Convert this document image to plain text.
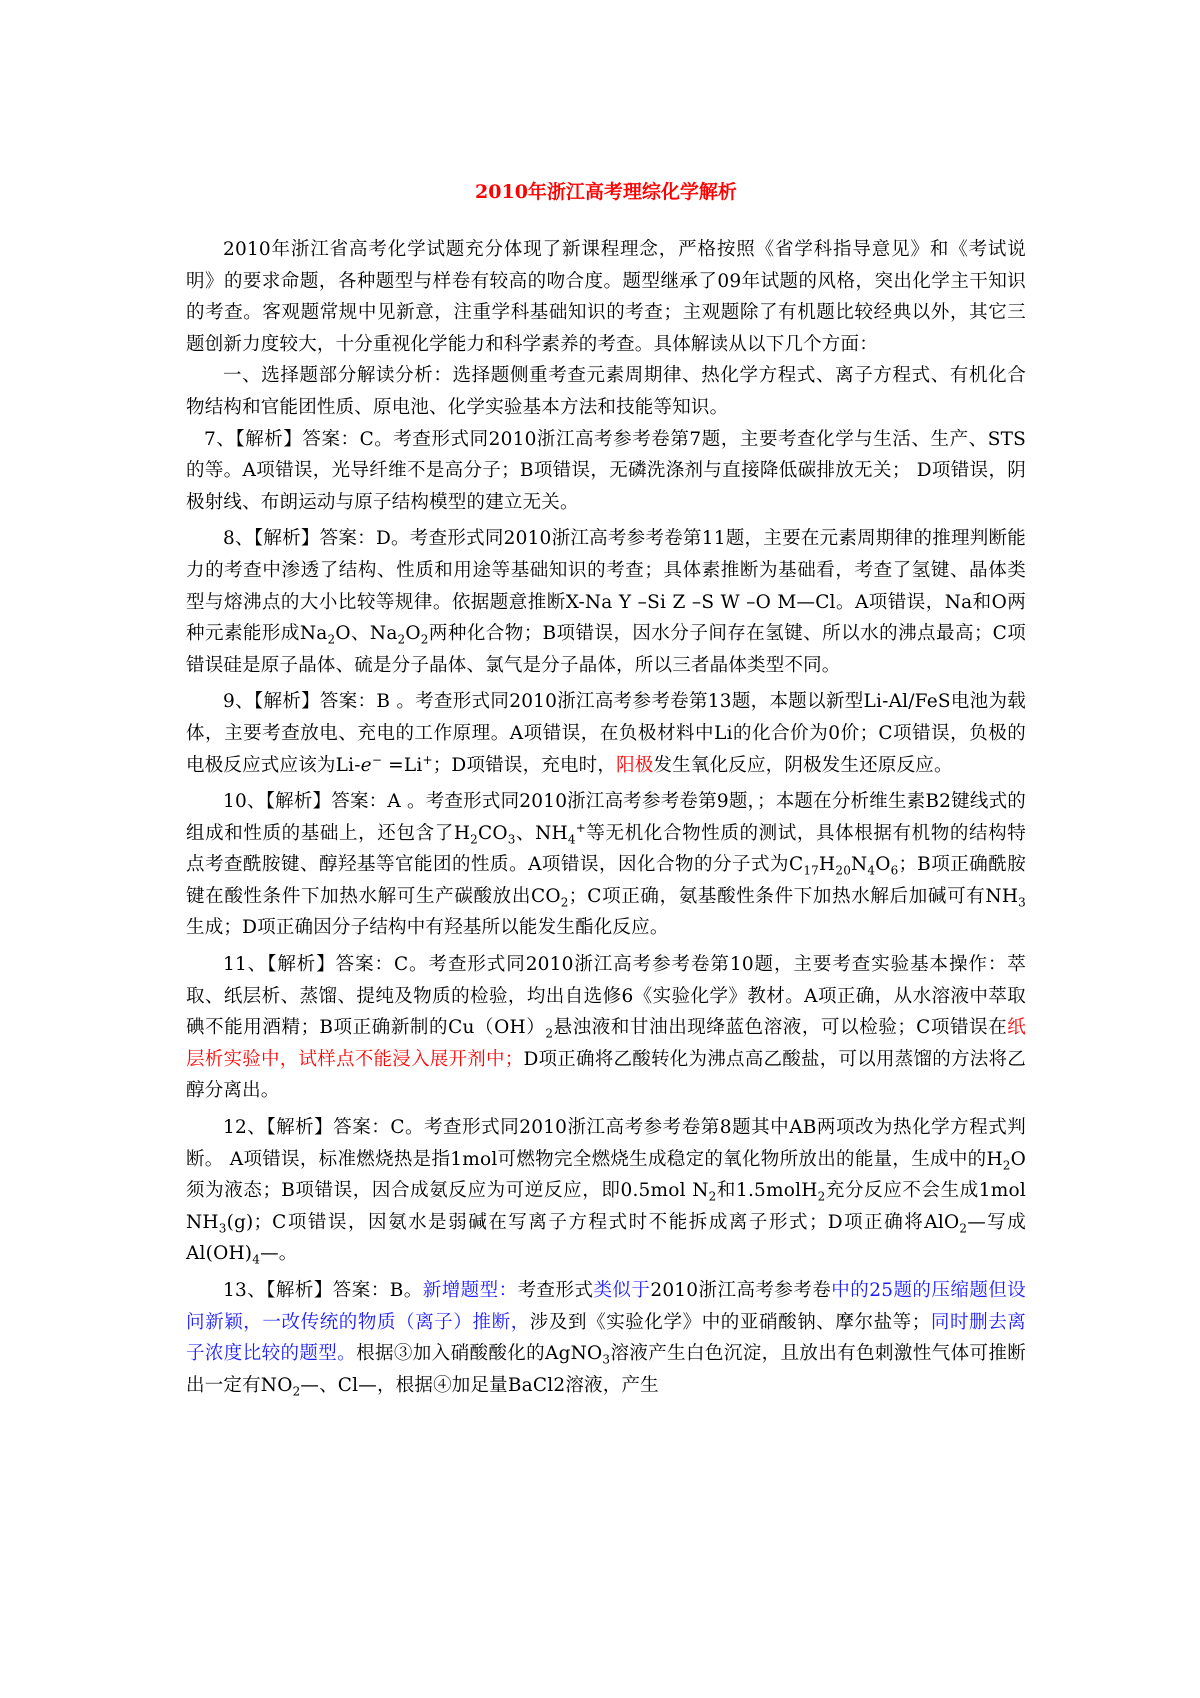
2010年浙江高考理综化学解析

2010年浙江省高考化学试题充分体现了新课程理念，严格按照《省学科指导意见》和《考试说明》的要求命题，各种题型与样卷有较高的吻合度。题型继承了09年试题的风格，突出化学主干知识的考查。客观题常规中见新意，注重学科基础知识的考查；主观题除了有机题比较经典以外，其它三题创新力度较大，十分重视化学能力和科学素养的考查。具体解读从以下几个方面：

一、选择题部分解读分析：选择题侧重考查元素周期律、热化学方程式、离子方程式、有机化合物结构和官能团性质、原电池、化学实验基本方法和技能等知识。

7、【解析】答案：C。考查形式同2010浙江高考参考卷第7题，主要考查化学与生活、生产、STS的等。A项错误，光导纤维不是高分子；B项错误，无磷洗涤剂与直接降低碳排放无关； D项错误，阴极射线、布朗运动与原子结构模型的建立无关。

8、【解析】答案：D。考查形式同2010浙江高考参考卷第11题，主要在元素周期律的推理判断能力的考查中渗透了结构、性质和用途等基础知识的考查；具体素推断为基础看，考查了氢键、晶体类型与熔沸点的大小比较等规律。依据题意推断X-Na Y –Si Z –S W –O M—Cl。A项错误，Na和O两种元素能形成$Na_2O$、$Na_2O_2$两种化合物；B项错误，因水分子间存在氢键、所以水的沸点最高；C项错误硅是原子晶体、硫是分子晶体、氯气是分子晶体，所以三者晶体类型不同。

9、【解析】答案：B 。考查形式同2010浙江高考参考卷第13题，本题以新型Li-Al/FeS电池为载体，主要考查放电、充电的工作原理。A项错误，在负极材料中Li的化合价为0价；C项错误，负极的电极反应式应该为Li-e− =Li+；D项错误，充电时，阳极发生氧化反应，阴极发生还原反应。

10、【解析】答案：A 。考查形式同2010浙江高考参考卷第9题，；本题在分析维生素B2键线式的组成和性质的基础上，还包含了$H_2CO_3$、$NH_4^+$等无机化合物性质的测试，具体根据有机物的结构特点考查酰胺键、醇羟基等官能团的性质。A项错误，因化合物的分子式为$C_{17}H_{20}N_4O_6$；B项正确酰胺键在酸性条件下加热水解可生产碳酸放出$CO_2$；C项正确，氨基酸性条件下加热水解后加碱可有$NH_3$生成；D项正确因分子结构中有羟基所以能发生酯化反应。

11、【解析】答案：C。考查形式同2010浙江高考参考卷第10题，主要考查实验基本操作：萃取、纸层析、蒸馏、提纯及物质的检验，均出自选修6《实验化学》教材。A项正确，从水溶液中萃取碘不能用酒精；B项正确新制的$Cu(OH)_2$悬浊液和甘油出现绛蓝色溶液，可以检验；C项错误在纸层析实验中，试样点不能浸入展开剂中；D项正确将乙酸转化为沸点高乙酸盐，可以用蒸馏的方法将乙醇分离出。

12、【解析】答案：C。考查形式同2010浙江高考参考卷第8题其中AB两项改为热化学方程式判断。 A项错误，标准燃烧热是指1mol可燃物完全燃烧生成稳定的氧化物所放出的能量，生成中的$H_2O$须为液态；B项错误，因合成氨反应为可逆反应，即0.5mol $N_2$和1.5molH$_2$充分反应不会生成1mol $NH_3(g)$；C项错误，因氨水是弱碱在写离子方程式时不能拆成离子形式；D项正确将AlO$_2$—写成$Al(OH)_4—$。

13、【解析】答案：B。新增题型：考查形式类似于2010浙江高考参考卷中的25题的压缩题但设问新颖，一改传统的物质（离子）推断，涉及到《实验化学》中的亚硝酸钠、摩尔盐等；同时删去离子浓度比较的题型。根据③加入硝酸酸化的AgNO$_3$溶液产生白色沉淀，且放出有色刺激性气体可推断出一定有$NO_2—$、Cl—，根据④加足量BaCl2溶液，产生
